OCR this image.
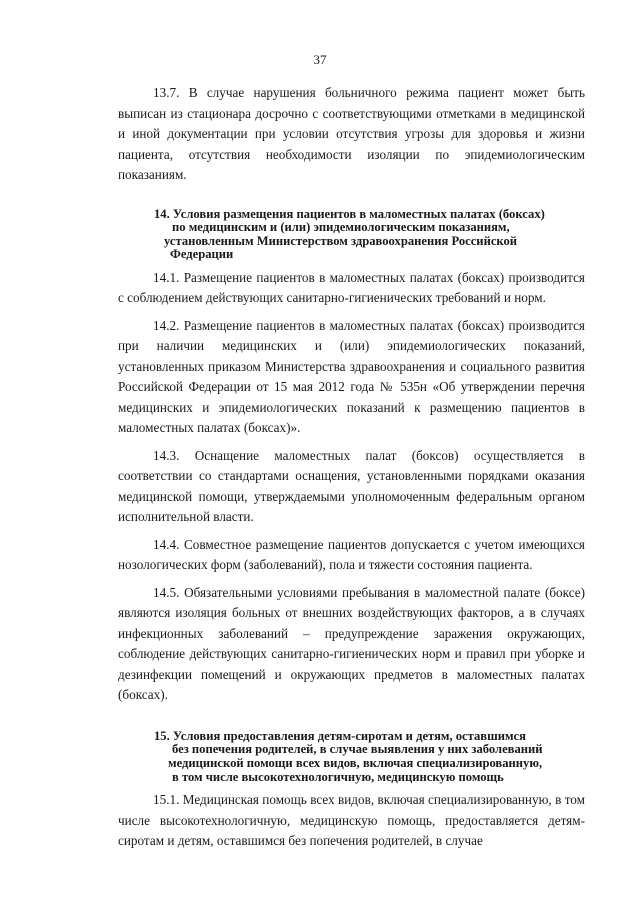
37

13.7. В случае нарушения больничного режима пациент может быть выписан из стационара досрочно с соответствующими отметками в медицинской и иной документации при условии отсутствия угрозы для здоровья и жизни пациента, отсутствия необходимости изоляции по эпидемиологическим показаниям.

14. Условия размещения пациентов в маломестных палатах (боксах)
по медицинским и (или) эпидемиологическим показаниям,
установленным Министерством здравоохранения Российской
Федерации

14.1. Размещение пациентов в маломестных палатах (боксах) производится с соблюдением действующих санитарно-гигиенических требований и норм.

14.2. Размещение пациентов в маломестных палатах (боксах) производится при наличии медицинских и (или) эпидемиологических показаний, установленных приказом Министерства здравоохранения и социального развития Российской Федерации от 15 мая 2012 года № 535н «Об утверждении перечня медицинских и эпидемиологических показаний к размещению пациентов в маломестных палатах (боксах)».

14.3. Оснащение маломестных палат (боксов) осуществляется в соответствии со стандартами оснащения, установленными порядками оказания медицинской помощи, утверждаемыми уполномоченным федеральным органом исполнительной власти.

14.4. Совместное размещение пациентов допускается с учетом имеющихся нозологических форм (заболеваний), пола и тяжести состояния пациента.

14.5. Обязательными условиями пребывания в маломестной палате (боксе) являются изоляция больных от внешних воздействующих факторов, а в случаях инфекционных заболеваний – предупреждение заражения окружающих, соблюдение действующих санитарно-гигиенических норм и правил при уборке и дезинфекции помещений и окружающих предметов в маломестных палатах (боксах).

15. Условия предоставления детям-сиротам и детям, оставшимся
без попечения родителей, в случае выявления у них заболеваний
медицинской помощи всех видов, включая специализированную,
в том числе высокотехнологичную, медицинскую помощь

15.1. Медицинская помощь всех видов, включая специализированную, в том числе высокотехнологичную, медицинскую помощь, предоставляется детям-сиротам и детям, оставшимся без попечения родителей, в случае
